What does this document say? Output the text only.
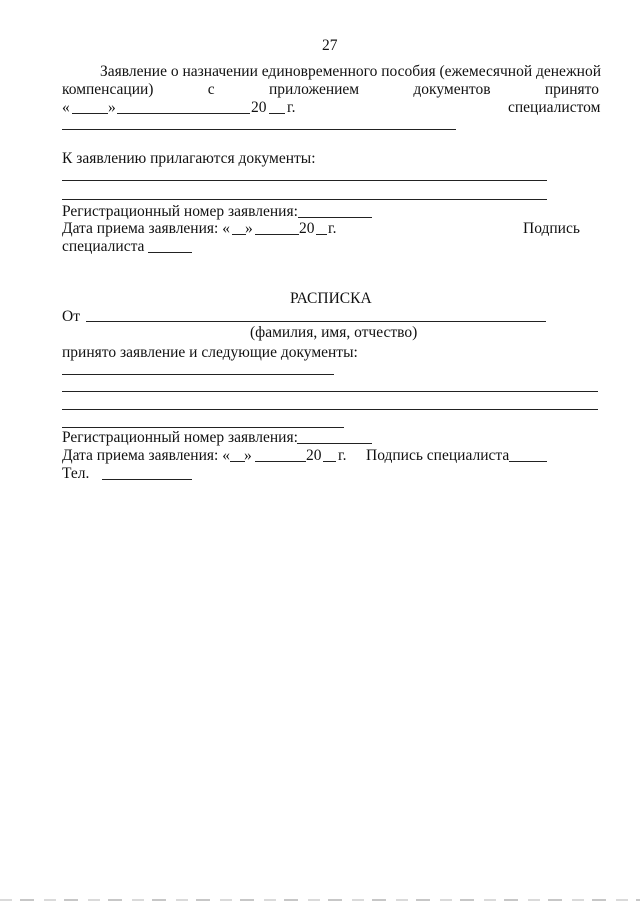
27
Заявление о назначении единовременного пособия (ежемесячной денежной
компенсации)	с	приложением	документов	принято
« »	20 г.	специалистом
К заявлению прилагаются документы:
Регистрационный номер заявления:
Дата приема заявления: « »	20 г.	Подпись
специалиста
РАСПИСКА
От
(фамилия, имя, отчество)
принято заявление и следующие документы:
Регистрационный номер заявления:
Дата приема заявления: « »	20 г. Подпись специалиста
Тел.
